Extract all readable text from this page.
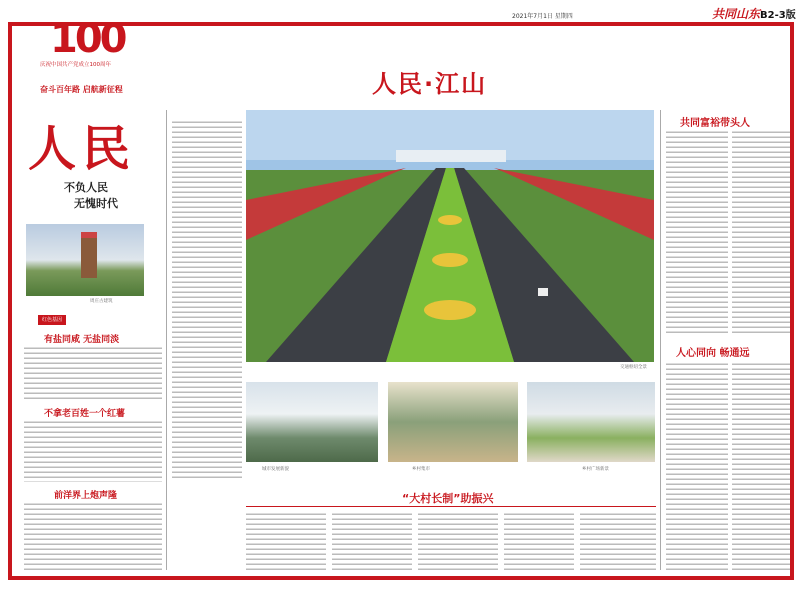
2021年7月1日 星期四	共同山东 B2-3版
100
庆祝中国共产党成立100周年
奋斗百年路 启航新征程
人民
不负人民
无愧时代
周庄古建筑
红色基因
有盐同咸 无盐同淡
不拿老百姓一个红薯
前洋界上炮声隆
人民·江山
交通枢纽全景
城市发展新貌	乡村集市	乡村广场新景
“大村长制”助振兴
共同富裕带头人
人心同向 畅通远
